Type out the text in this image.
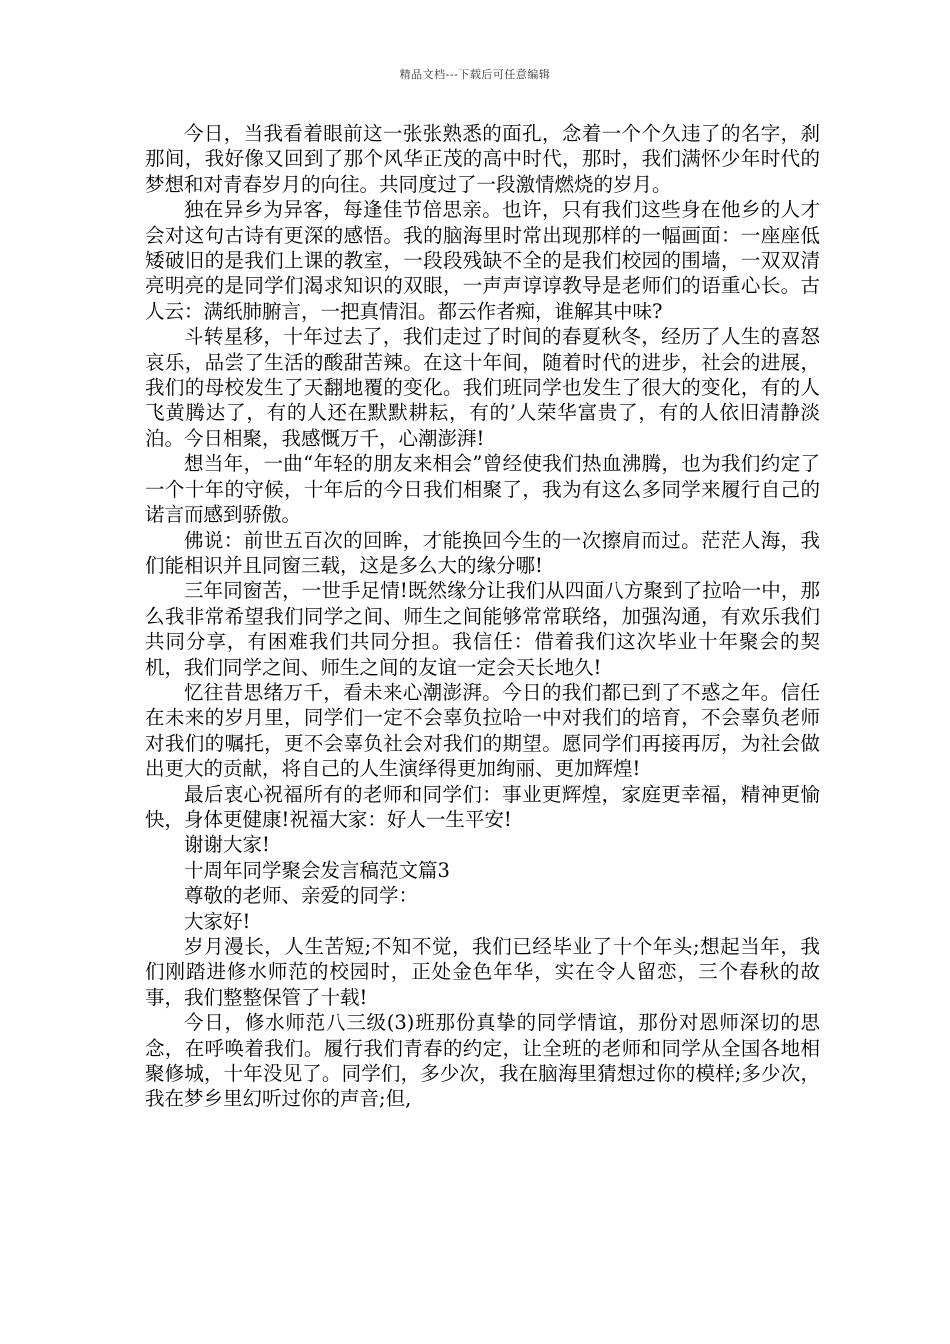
精品文档---下载后可任意编辑

今日，当我看着眼前这一张张熟悉的面孔，念着一个个久违了的名字，刹那间，我好像又回到了那个风华正茂的高中时代，那时，我们满怀少年时代的梦想和对青春岁月的向往。共同度过了一段激情燃烧的岁月。

独在异乡为异客，每逢佳节倍思亲。也许，只有我们这些身在他乡的人才会对这句古诗有更深的感悟。我的脑海里时常出现那样的一幅画面：一座座低矮破旧的是我们上课的教室，一段段残缺不全的是我们校园的围墙，一双双清亮明亮的是同学们渴求知识的双眼，一声声谆谆教导是老师们的语重心长。古人云：满纸肺腑言，一把真情泪。都云作者痴，谁解其中味?

斗转星移，十年过去了，我们走过了时间的春夏秋冬，经历了人生的喜怒哀乐，品尝了生活的酸甜苦辣。在这十年间，随着时代的进步，社会的进展，我们的母校发生了天翻地覆的变化。我们班同学也发生了很大的变化，有的人飞黄腾达了，有的人还在默默耕耘，有的’人荣华富贵了，有的人依旧清静淡泊。今日相聚，我感慨万千，心潮澎湃!

想当年，一曲“年轻的朋友来相会”曾经使我们热血沸腾，也为我们约定了一个十年的守候，十年后的今日我们相聚了，我为有这么多同学来履行自己的诺言而感到骄傲。

佛说：前世五百次的回眸，才能换回今生的一次擦肩而过。茫茫人海，我们能相识并且同窗三载，这是多么大的缘分哪!

三年同窗苦，一世手足情!既然缘分让我们从四面八方聚到了拉哈一中，那么我非常希望我们同学之间、师生之间能够常常联络，加强沟通，有欢乐我们共同分享，有困难我们共同分担。我信任：借着我们这次毕业十年聚会的契机，我们同学之间、师生之间的友谊一定会天长地久!

忆往昔思绪万千，看未来心潮澎湃。今日的我们都已到了不惑之年。信任在未来的岁月里，同学们一定不会辜负拉哈一中对我们的培育，不会辜负老师对我们的嘱托，更不会辜负社会对我们的期望。愿同学们再接再厉，为社会做出更大的贡献，将自己的人生演绎得更加绚丽、更加辉煌!

最后衷心祝福所有的老师和同学们：事业更辉煌，家庭更幸福，精神更愉快，身体更健康!祝福大家：好人一生平安!

谢谢大家!

十周年同学聚会发言稿范文篇3

尊敬的老师、亲爱的同学：

大家好!

岁月漫长，人生苦短;不知不觉，我们已经毕业了十个年头;想起当年，我们刚踏进修水师范的校园时，正处金色年华，实在令人留恋，三个春秋的故事，我们整整保管了十载!

今日，修水师范八三级(3)班那份真挚的同学情谊，那份对恩师深切的思念，在呼唤着我们。履行我们青春的约定，让全班的老师和同学从全国各地相聚修城，十年没见了。同学们，多少次，我在脑海里猜想过你的模样;多少次，我在梦乡里幻听过你的声音;但,
